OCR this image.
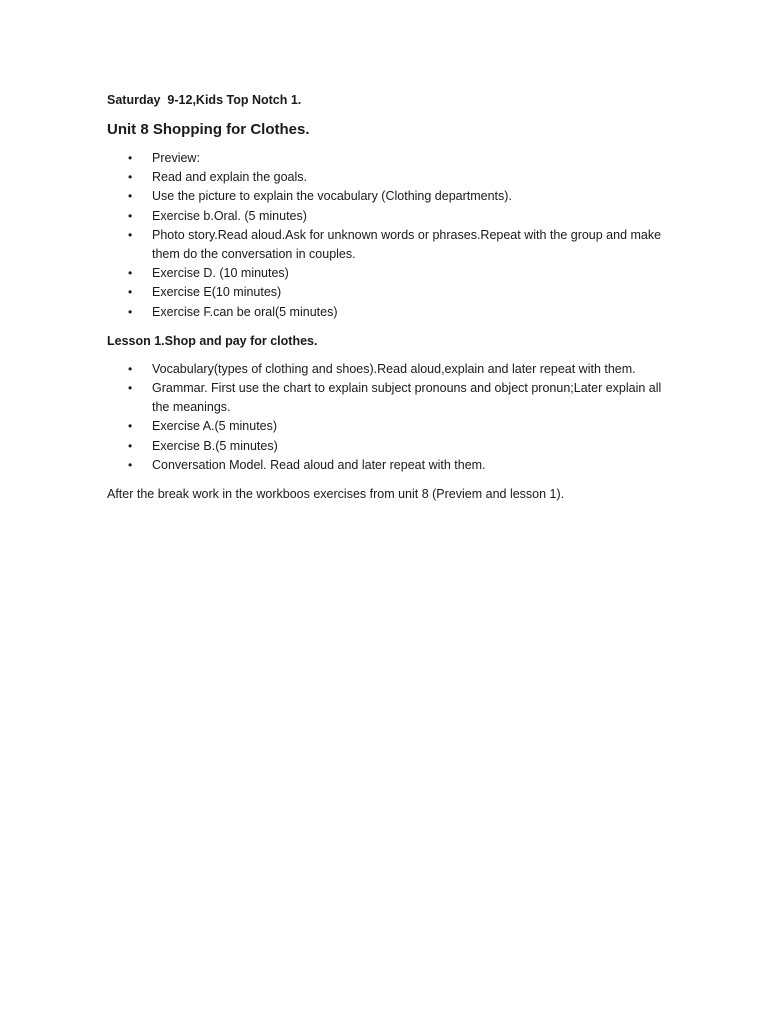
Saturday  9-12,Kids Top Notch 1.

Unit 8 Shopping for Clothes.
• Preview:
• Read and explain the goals.
• Use the picture to explain the vocabulary (Clothing departments).
• Exercise b.Oral. (5 minutes)
• Photo story.Read aloud.Ask for unknown words or phrases.Repeat with the group and make them do the conversation in couples.
• Exercise D. (10 minutes)
• Exercise E(10 minutes)
• Exercise F.can be oral(5 minutes)

Lesson 1.Shop and pay for clothes.

• Vocabulary(types of clothing and shoes).Read aloud,explain and later repeat with them.
• Grammar. First use the chart to explain subject pronouns and object pronun;Later explain all the meanings.
• Exercise A.(5 minutes)
• Exercise B.(5 minutes)
• Conversation Model. Read aloud and later repeat with them.

After the break work in the workboos exercises from unit 8 (Previem and lesson 1).
